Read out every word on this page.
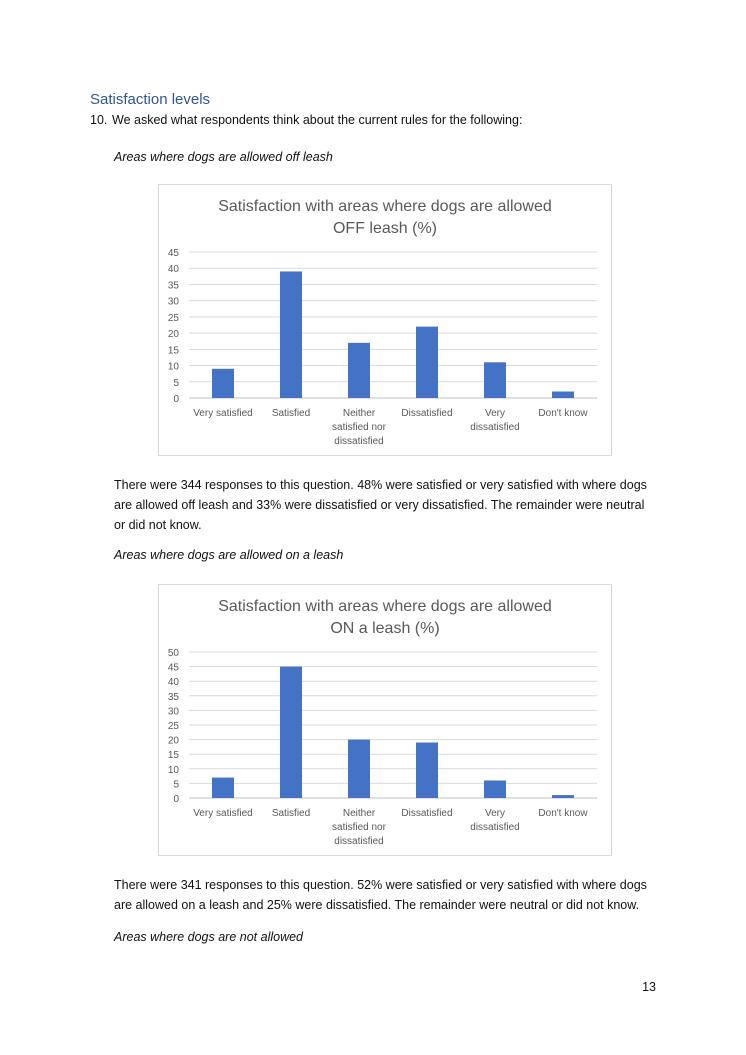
Satisfaction levels
10. We asked what respondents think about the current rules for the following:
Areas where dogs are allowed off leash
Satisfaction with areas where dogs are allowed
OFF leash (%)
0
5
10
15
20
25
30
35
40
45
Very satisfied Satisfied	Neither
satisfied nor
dissatisfied
Dissatisfied	Very
dissatisfied
Don't know
There were 344 responses to this question. 48% were satisfied or very satisfied with where dogs are allowed off leash and 33% were dissatisfied or very dissatisfied. The remainder were neutral or did not know.
Areas where dogs are allowed on a leash
Satisfaction with areas where dogs are allowed
ON a leash (%)
0
5
10
15
20
25
30
35
40
45
50
Very satisfied Satisfied	Neither
satisfied nor
dissatisfied
Dissatisfied	Very
dissatisfied
Don't know
There were 341 responses to this question. 52% were satisfied or very satisfied with where dogs are allowed on a leash and 25% were dissatisfied. The remainder were neutral or did not know.
Areas where dogs are not allowed
13
